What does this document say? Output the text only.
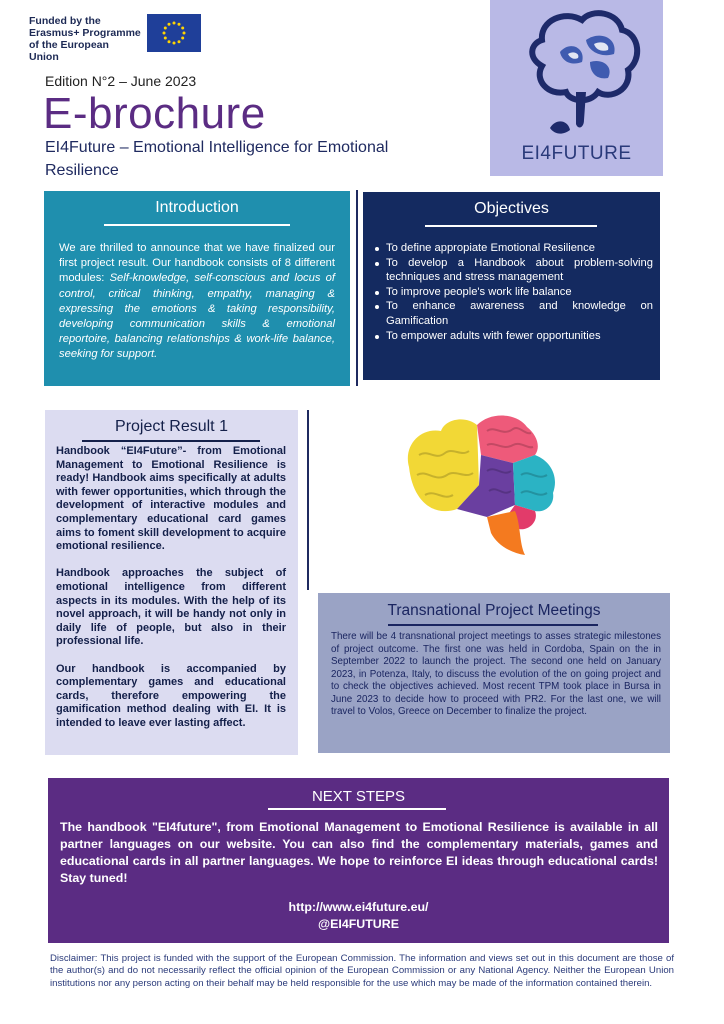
Funded by the Erasmus+ Programme of the European Union
Edition N°2 – June 2023
E-brochure
EI4Future – Emotional Intelligence for Emotional Resilience
EI4FUTURE
Introduction
We are thrilled to announce that we have finalized our first project result. Our handbook consists of 8 different modules: Self-knowledge, self-conscious and locus of control, critical thinking, empathy, managing & expressing the emotions & taking responsibility, developing communication skills & emotional reportoire, balancing relationships & work-life balance, seeking for support.
Objectives
To define appropiate Emotional Resilience
To develop a Handbook about problem-solving techniques and stress management
To improve people's work life balance
To enhance awareness and knowledge on Gamification
To empower adults with fewer opportunities
Project Result 1

Handbook “EI4Future”- from Emotional Management to Emotional Resilience is ready! Handbook aims specifically at adults with fewer opportunities, which through the development of interactive modules and complementary educational card games aims to foment skill development to acquire emotional resilience.

Handbook approaches the subject of emotional intelligence from different aspects in its modules. With the help of its novel approach, it will be handy not only in daily life of people, but also in their professional life.

Our handbook is accompanied by complementary games and educational cards, therefore empowering the gamification method dealing with EI. It is intended to leave ever lasting affect.

Transnational Project Meetings
There will be 4 transnational project meetings to asses strategic milestones of project outcome. The first one was held in Cordoba, Spain on the in September 2022 to launch the project. The second one held on January 2023, in Potenza, Italy, to discuss the evolution of the on going project and to check the objectives achieved. Most recent TPM took place in Bursa in June 2023 to decide how to proceed with PR2. For the last one, we will travel to Volos, Greece on December to finalize the project.
NEXT STEPS
The handbook "EI4future", from Emotional Management to Emotional Resilience is available in all partner languages on our website. You can also find the complementary materials, games and educational cards in all partner languages. We hope to reinforce EI ideas through educational cards! Stay tuned!
http://www.ei4future.eu/
@EI4FUTURE
Disclaimer: This project is funded with the support of the European Commission. The information and views set out in this document are those of the author(s) and do not necessarily reflect the official opinion of the European Commission or any National Agency. Neither the European Union institutions nor any person acting on their behalf may be held responsible for the use which may be made of the information contained therein.
